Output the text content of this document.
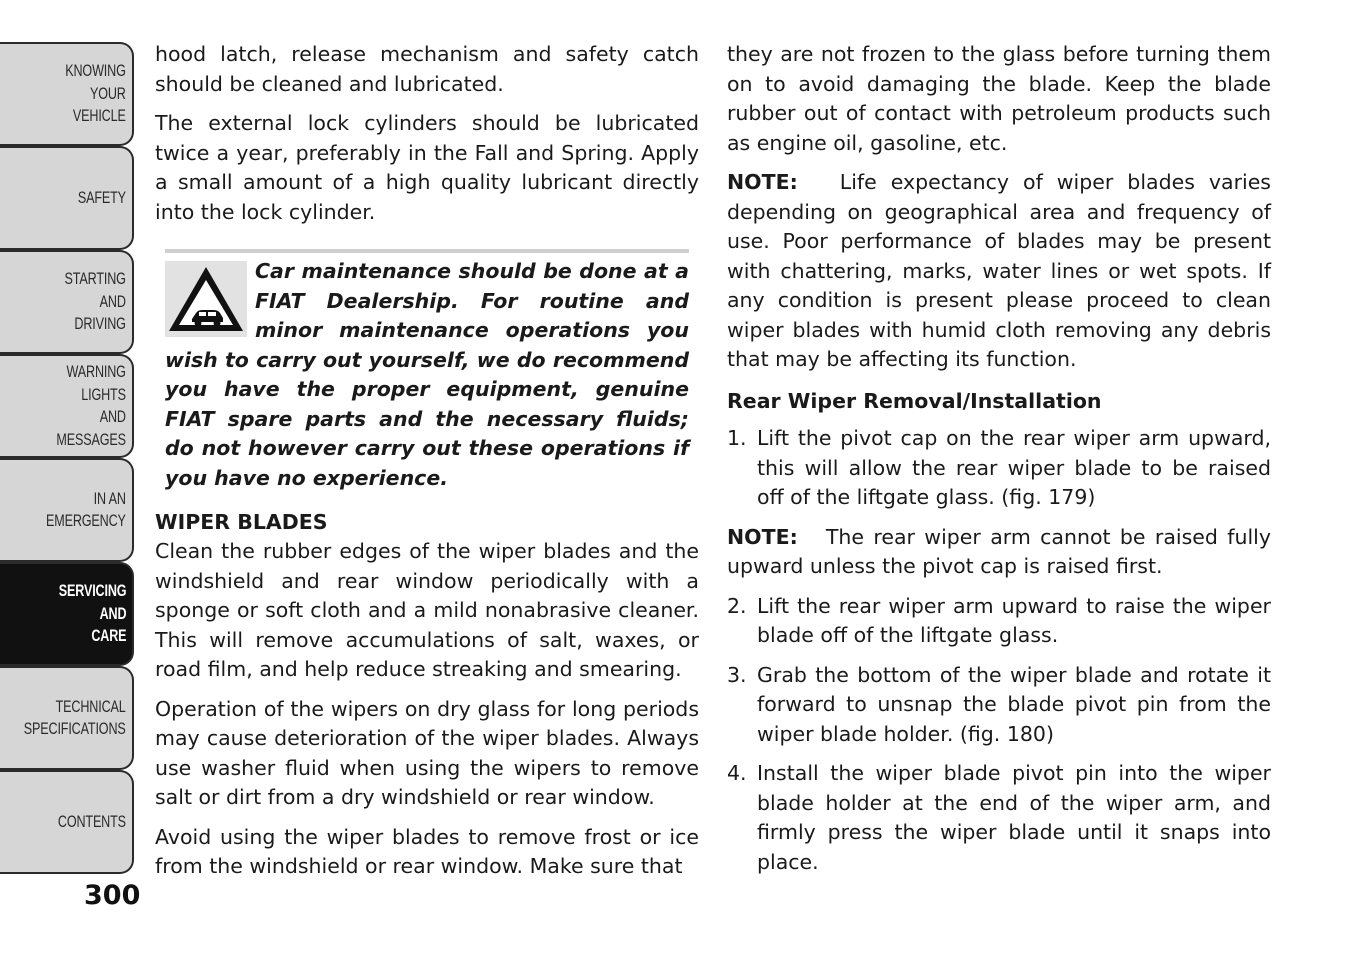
KNOWING
YOUR
VEHICLE
SAFETY
STARTING
AND
DRIVING
WARNING
LIGHTS
AND
MESSAGES
IN AN
EMERGENCY
SERVICING
AND
CARE
TECHNICAL
SPECIFICATIONS
CONTENTS
300

hood latch, release mechanism and safety catch should be cleaned and lubricated.

The external lock cylinders should be lubricated twice a year, preferably in the Fall and Spring. Apply a small amount of a high quality lubricant directly into the lock cylinder.

Car maintenance should be done at a FIAT Dealership. For routine and minor maintenance operations you wish to carry out yourself, we do recommend you have the proper equipment, genuine FIAT spare parts and the necessary fluids; do not however carry out these operations if you have no experience.
WIPER BLADES

Clean the rubber edges of the wiper blades and the windshield and rear window periodically with a sponge or soft cloth and a mild nonabrasive cleaner. This will remove accumulations of salt, waxes, or road film, and help reduce streaking and smearing.

Operation of the wipers on dry glass for long periods may cause deterioration of the wiper blades. Always use washer fluid when using the wipers to remove salt or dirt from a dry windshield or rear window.

Avoid using the wiper blades to remove frost or ice from the windshield or rear window. Make sure that

they are not frozen to the glass before turning them on to avoid damaging the blade. Keep the blade rubber out of contact with petroleum products such as engine oil, gasoline, etc.

NOTE: Life expectancy of wiper blades varies depending on geographical area and frequency of use. Poor performance of blades may be present with chattering, marks, water lines or wet spots. If any condition is present please proceed to clean wiper blades with humid cloth removing any debris that may be affecting its function.

Rear Wiper Removal/Installation
1. Lift the pivot cap on the rear wiper arm upward, this will allow the rear wiper blade to be raised off of the liftgate glass. (fig. 179)

NOTE: The rear wiper arm cannot be raised fully upward unless the pivot cap is raised first.

2. Lift the rear wiper arm upward to raise the wiper blade off of the liftgate glass.
3. Grab the bottom of the wiper blade and rotate it forward to unsnap the blade pivot pin from the wiper blade holder. (fig. 180)
4. Install the wiper blade pivot pin into the wiper blade holder at the end of the wiper arm, and firmly press the wiper blade until it snaps into place.
